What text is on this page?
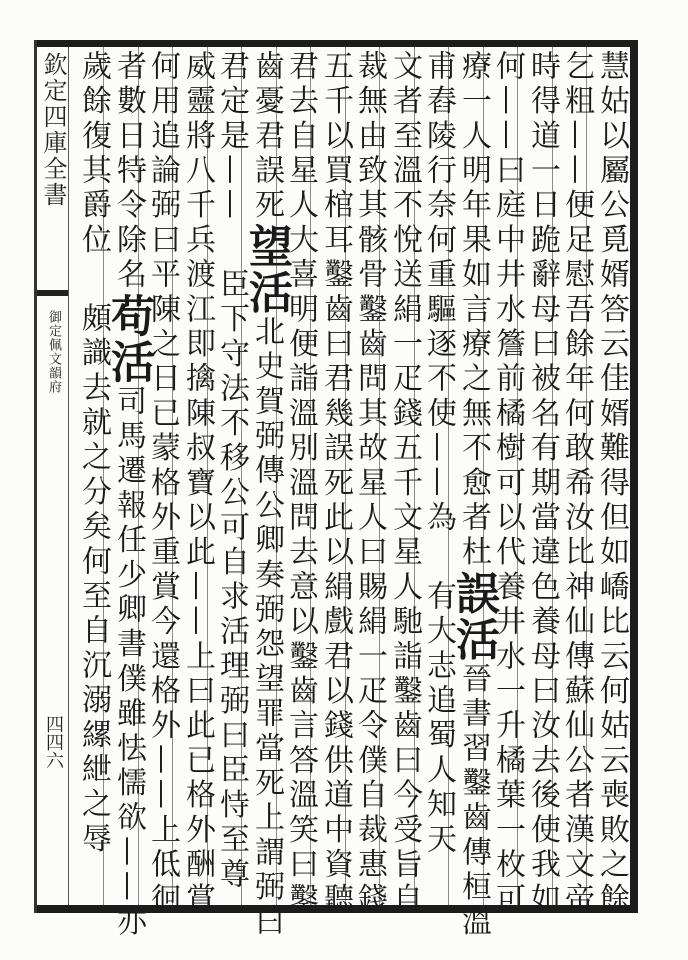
欽定四庫全書
御定佩文韻府
四四六	慧姑以屬公覓婿答云佳婿難得但如嶠比云何姑云喪敗之餘
乞粗——便足慰吾餘年何敢希汝比神仙傳蘇仙公者漢文帝
時得道一日跪辭母曰被名有期當違色養母曰汝去後使我如
何——曰庭中井水簷前橘樹可以代養井水一升橘葉一枚可
療一人明年果如言療之無不愈者杜誤活晉書習鑿齒傳桓溫
甫舂陵行奈何重驅逐不使——為有大志追蜀人知天
文者至溫不悅送絹一疋錢五千文星人馳詣鑿齒曰今受旨自
裁無由致其骸骨鑿齒問其故星人曰賜絹一疋令僕自裁惠錢
五千以買棺耳鑿齒曰君幾誤死此以絹戲君以錢供道中資聽
君去自星人大喜明便詣溫別溫問去意以鑿齒言答溫笑曰鑿
齒憂君誤死望活北史賀弼傳公卿奏弼怨望罪當死上謂弼曰
君定是——臣下守法不移公可自求活理弼曰臣恃至尊
威靈將八千兵渡江即擒陳叔寶以此——上曰此已格外酬賞
何用追論弼曰平陳之日已蒙格外重賞今還格外——上低徊
者數日特令除名苟活司馬遷報任少卿書僕雖怯懦欲——亦
歲餘復其爵位頗識去就之分矣何至自沉溺縲紲之辱
